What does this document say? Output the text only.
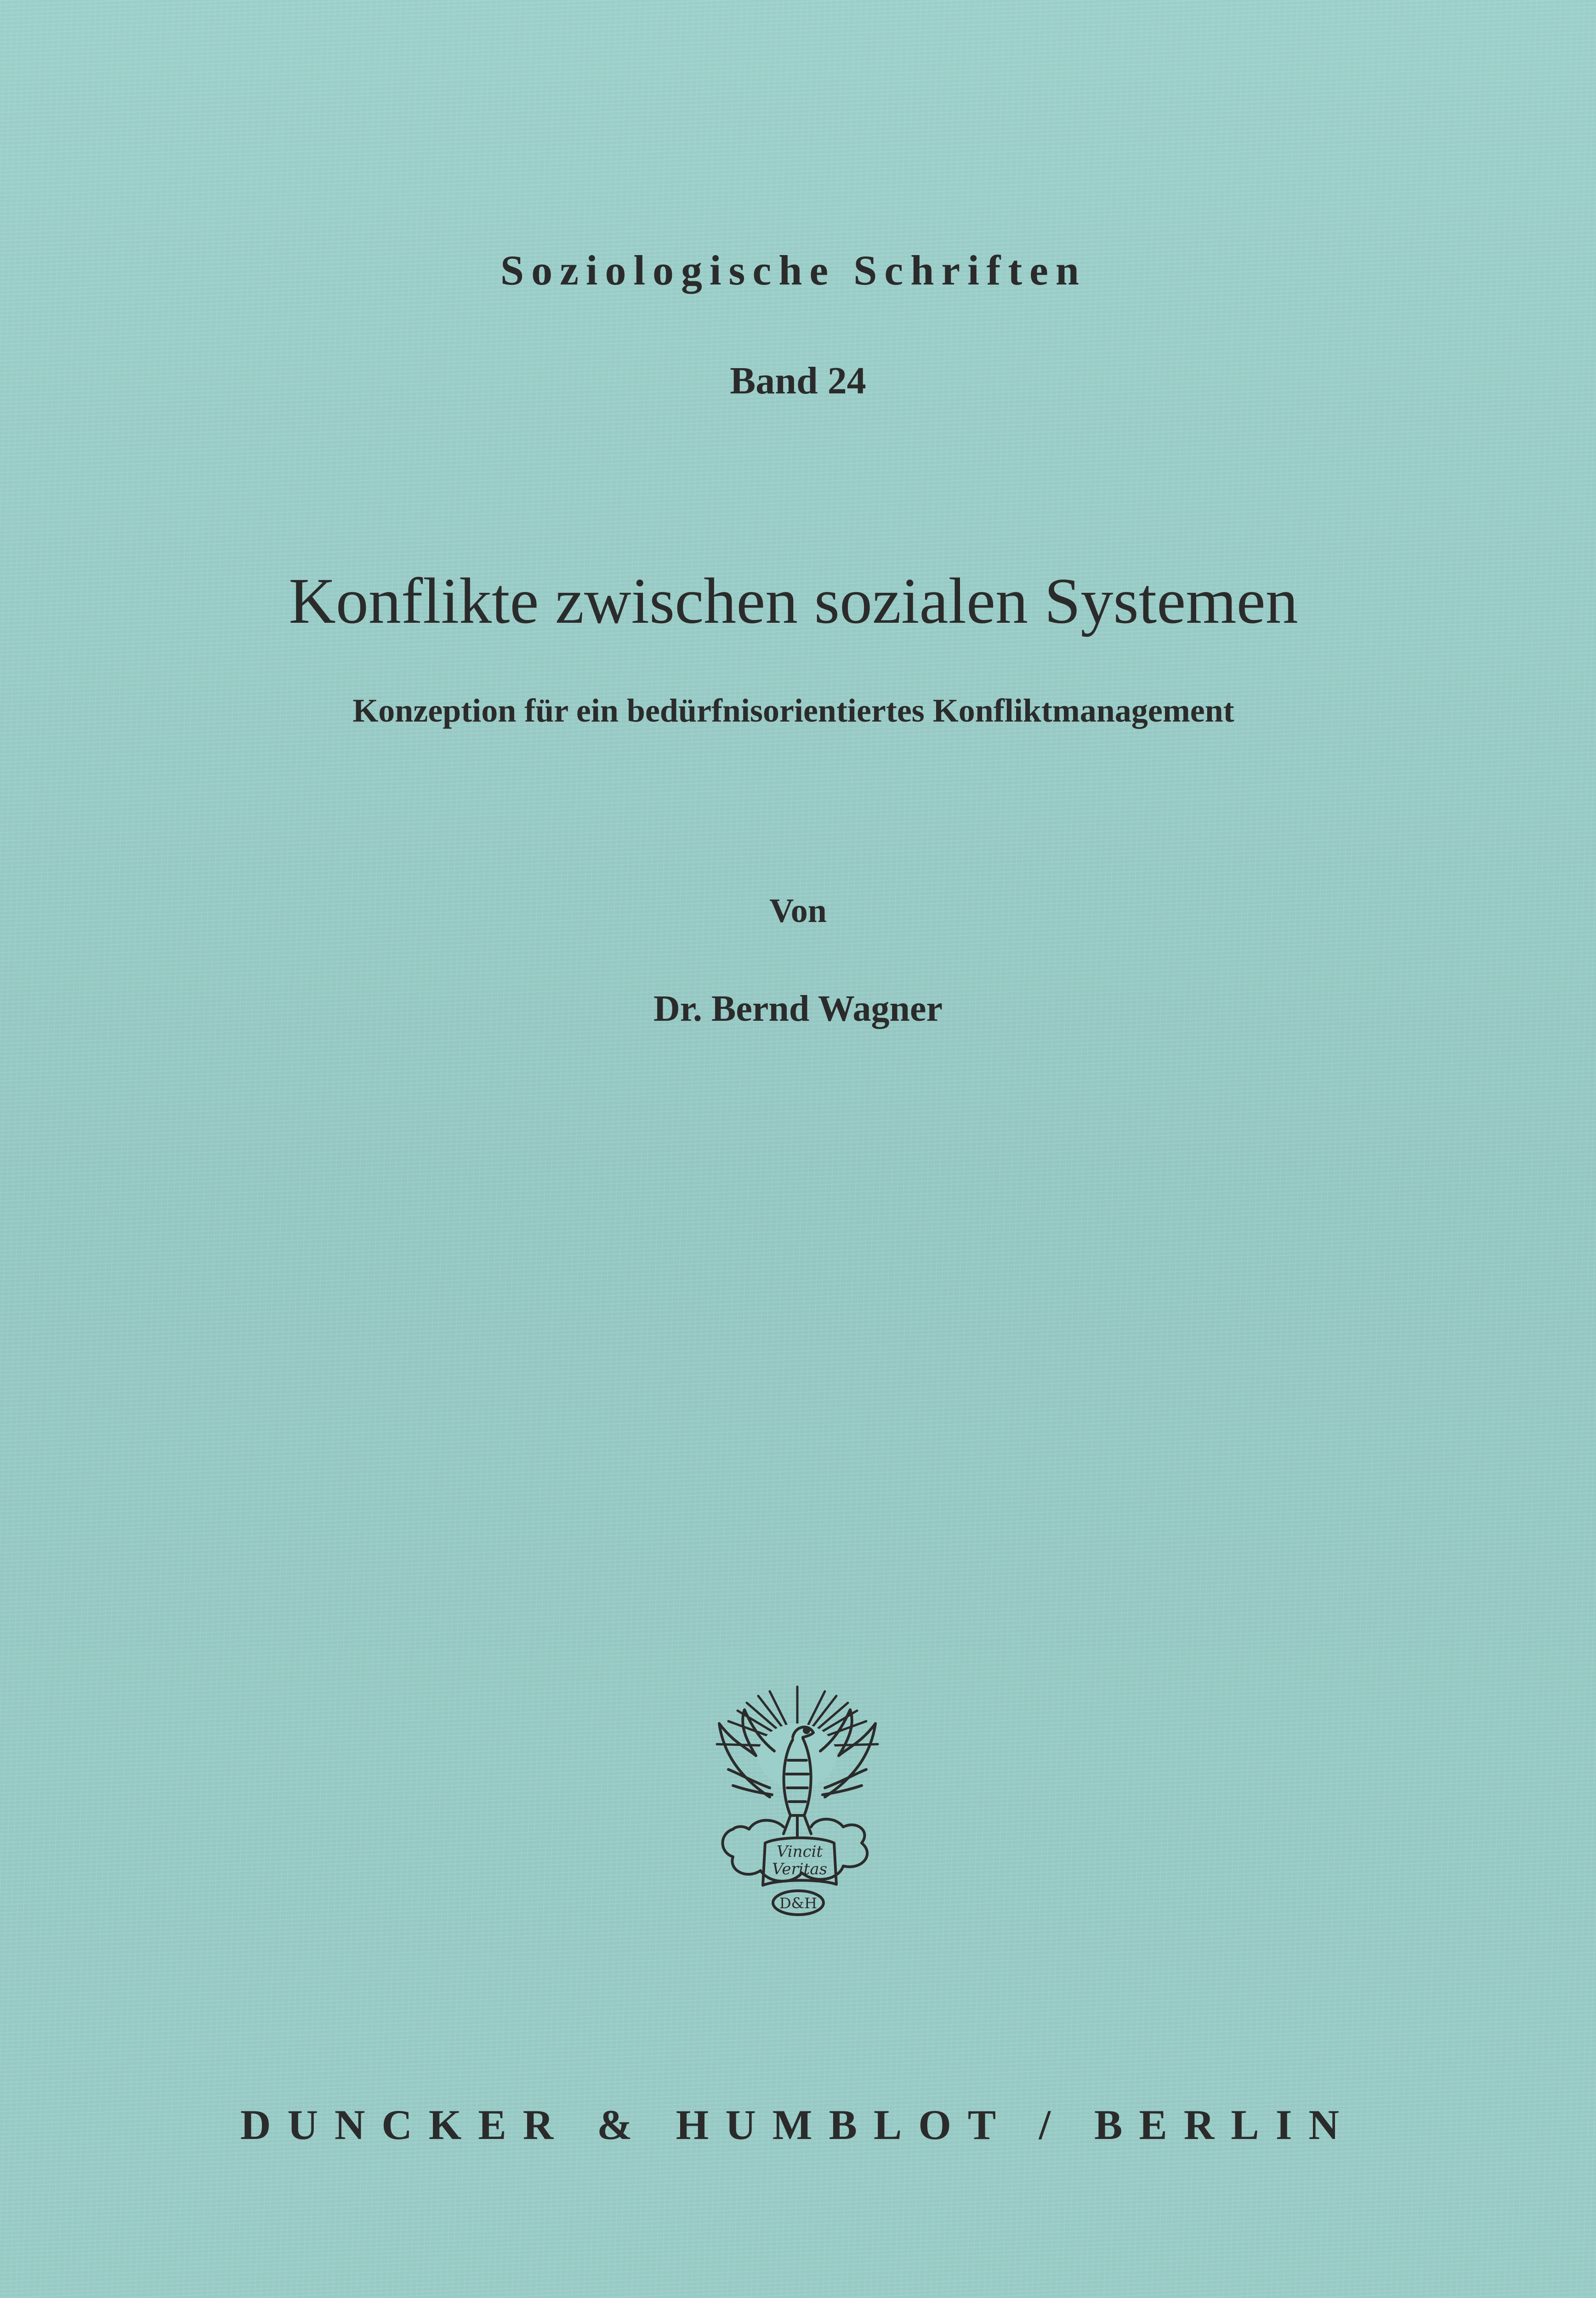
Soziologische Schriften
Band 24
Konflikte zwischen sozialen Systemen
Konzeption für ein bedürfnisorientiertes Konfliktmanagement
Von
Dr. Bernd Wagner
Vincit
Veritas
D&H
DUNCKER & HUMBLOT / BERLIN
